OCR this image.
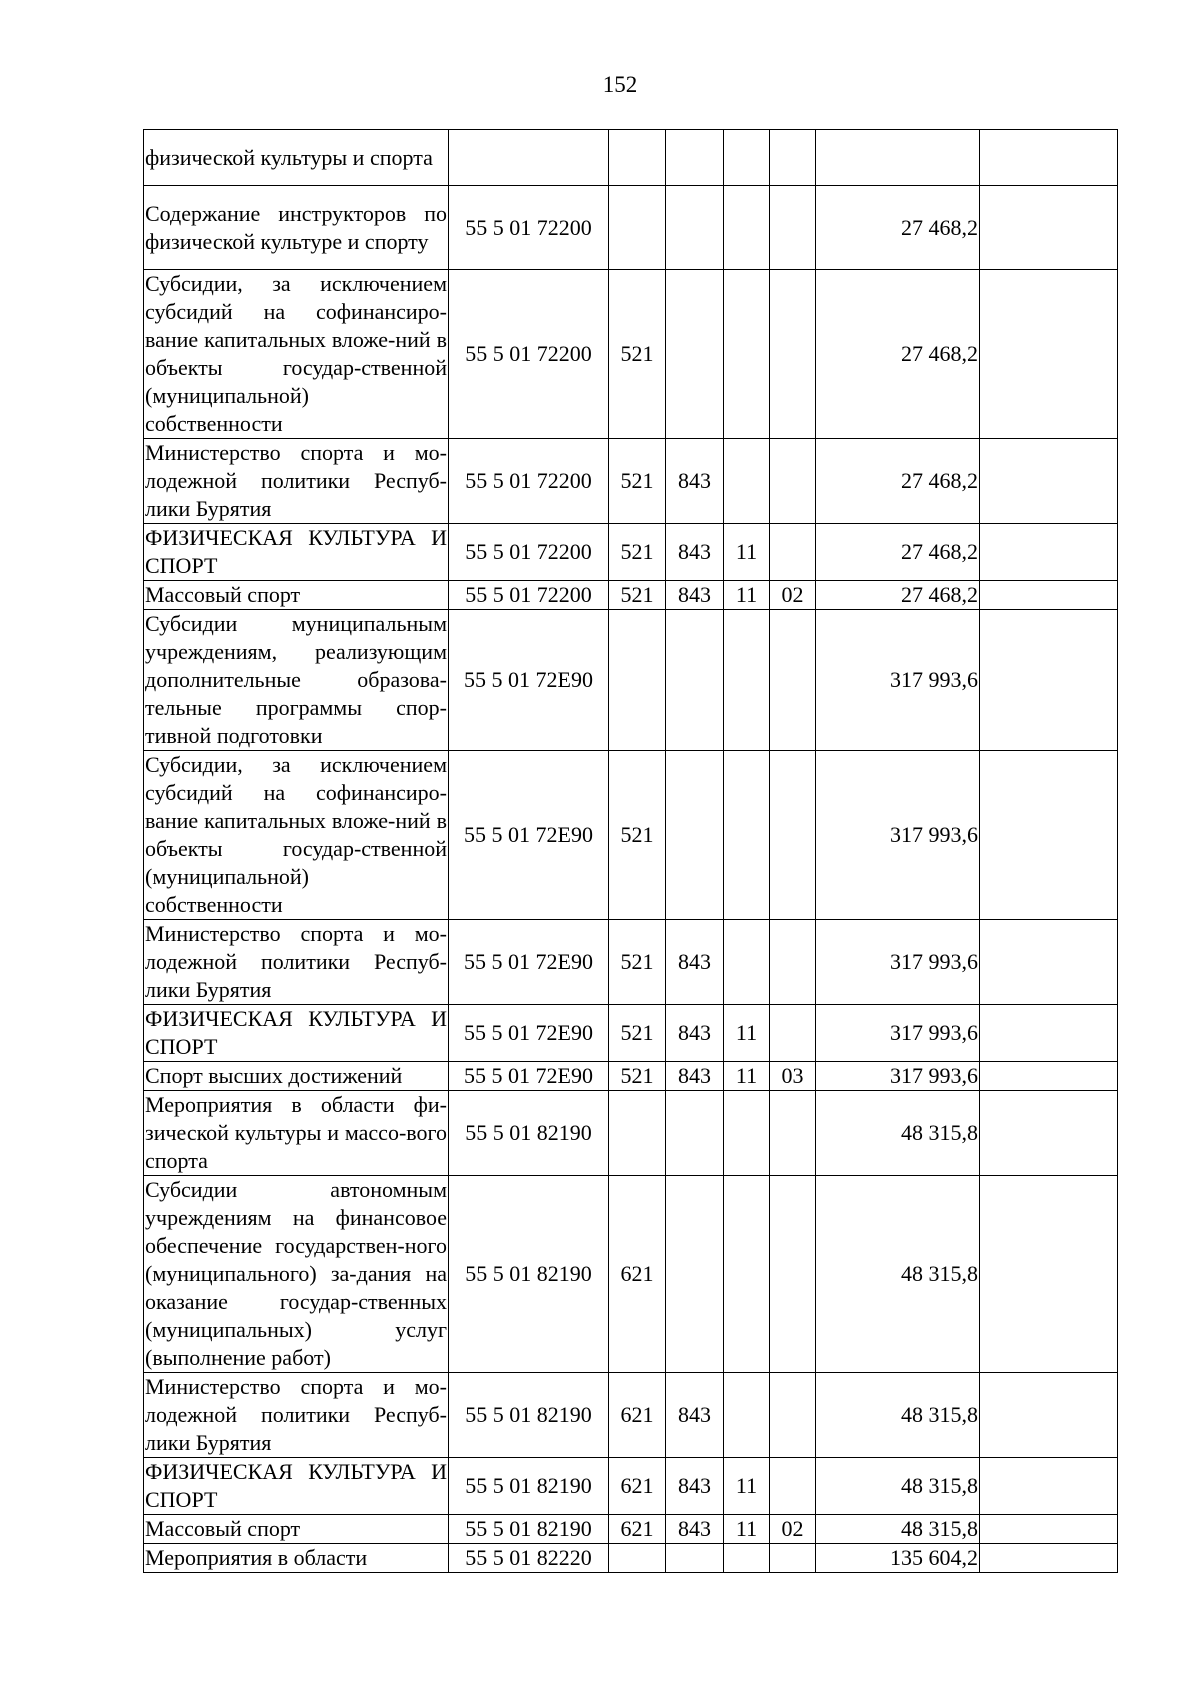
152
физической культуры и спорта							
Содержание инструкторов по физической культуре и спорту	55 5 01 72200					27 468,2	
Субсидии, за исключением субсидий на софинансиро-вание капитальных вложе-ний в объекты государ-ственной (муниципальной) собственности	55 5 01 72200	521				27 468,2	
Министерство спорта и мо-лодежной политики Респуб-лики Бурятия	55 5 01 72200	521	843			27 468,2	
ФИЗИЧЕСКАЯ КУЛЬТУРА И СПОРТ	55 5 01 72200	521	843	11		27 468,2	
Массовый спорт	55 5 01 72200	521	843	11	02	27 468,2	
Субсидии муниципальным учреждениям, реализующим дополнительные образова-тельные программы спор-тивной подготовки	55 5 01 72Е90					317 993,6	
Субсидии, за исключением субсидий на софинансиро-вание капитальных вложе-ний в объекты государ-ственной (муниципальной) собственности	55 5 01 72Е90	521				317 993,6	
Министерство спорта и мо-лодежной политики Респуб-лики Бурятия	55 5 01 72Е90	521	843			317 993,6	
ФИЗИЧЕСКАЯ КУЛЬТУРА И СПОРТ	55 5 01 72Е90	521	843	11		317 993,6	
Спорт высших достижений	55 5 01 72Е90	521	843	11	03	317 993,6	
Мероприятия в области фи-зической культуры и массо-вого спорта	55 5 01 82190					48 315,8	
Субсидии автономным учреждениям на финансовое обеспечение государствен-ного (муниципального) за-дания на оказание государ-ственных (муниципальных) услуг (выполнение работ)	55 5 01 82190	621				48 315,8	
Министерство спорта и мо-лодежной политики Респуб-лики Бурятия	55 5 01 82190	621	843			48 315,8	
ФИЗИЧЕСКАЯ КУЛЬТУРА И СПОРТ	55 5 01 82190	621	843	11		48 315,8	
Массовый спорт	55 5 01 82190	621	843	11	02	48 315,8	
Мероприятия в области	55 5 01 82220					135 604,2	
